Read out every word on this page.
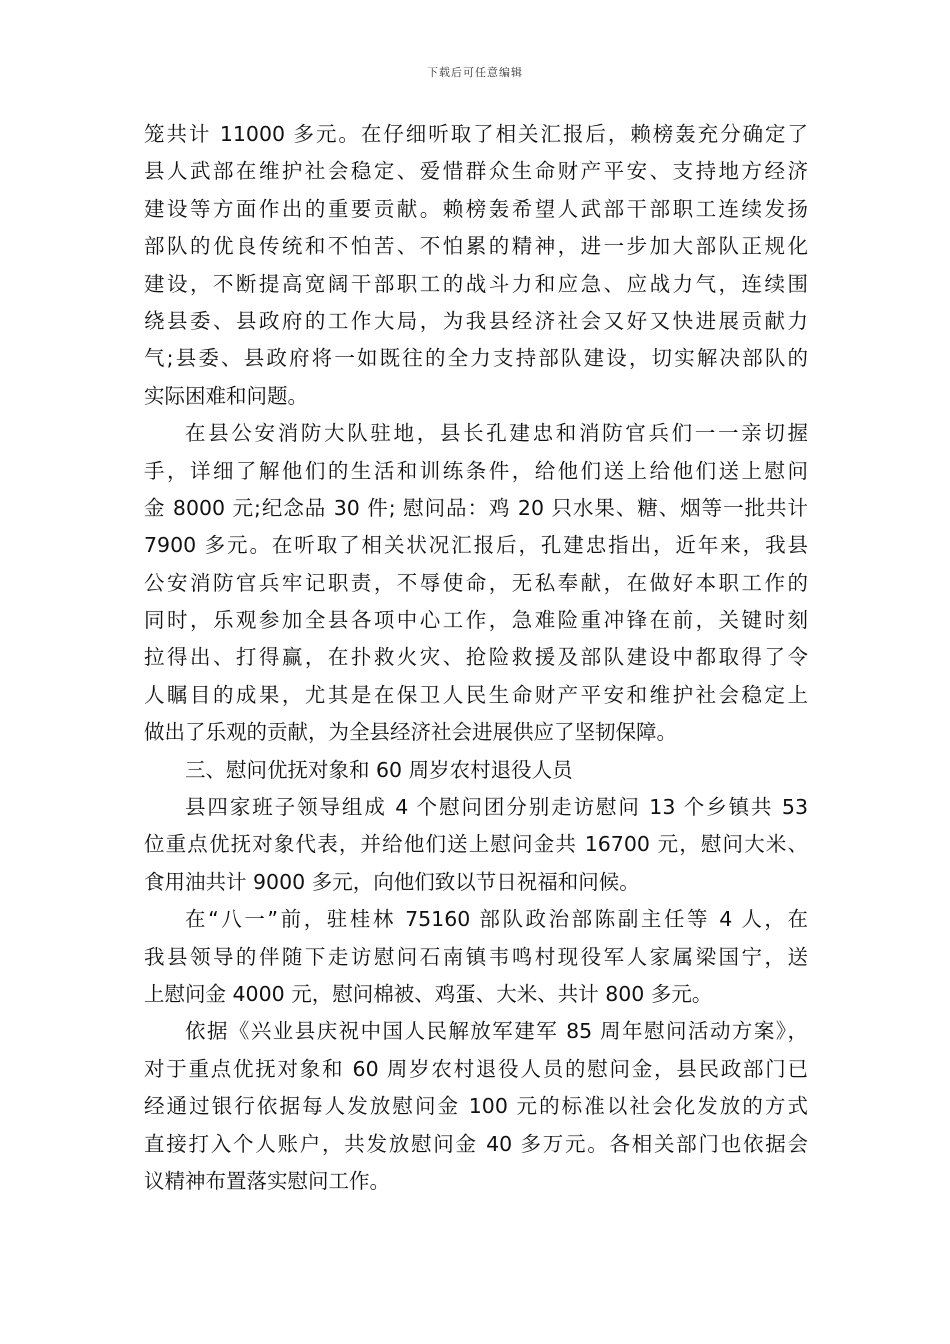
下载后可任意编辑
笼共计 11000 多元。在仔细听取了相关汇报后，赖榜轰充分确定了
县人武部在维护社会稳定、爱惜群众生命财产平安、支持地方经济
建设等方面作出的重要贡献。赖榜轰希望人武部干部职工连续发扬
部队的优良传统和不怕苦、不怕累的精神，进一步加大部队正规化
建设，不断提高宽阔干部职工的战斗力和应急、应战力气，连续围
绕县委、县政府的工作大局，为我县经济社会又好又快进展贡献力
气;县委、县政府将一如既往的全力支持部队建设，切实解决部队的
实际困难和问题。
在县公安消防大队驻地，县长孔建忠和消防官兵们一一亲切握
手，详细了解他们的生活和训练条件，给他们送上给他们送上慰问
金 8000 元;纪念品 30 件; 慰问品：鸡 20 只水果、糖、烟等一批共计
7900 多元。在听取了相关状况汇报后，孔建忠指出，近年来，我县
公安消防官兵牢记职责，不辱使命，无私奉献，在做好本职工作的
同时，乐观参加全县各项中心工作，急难险重冲锋在前，关键时刻
拉得出、打得赢，在扑救火灾、抢险救援及部队建设中都取得了令
人瞩目的成果，尤其是在保卫人民生命财产平安和维护社会稳定上
做出了乐观的贡献，为全县经济社会进展供应了坚韧保障。
三、慰问优抚对象和 60 周岁农村退役人员
县四家班子领导组成 4 个慰问团分别走访慰问 13 个乡镇共 53
位重点优抚对象代表，并给他们送上慰问金共 16700 元，慰问大米、
食用油共计 9000 多元，向他们致以节日祝福和问候。
在“八一”前，驻桂林 75160 部队政治部陈副主任等 4 人，在
我县领导的伴随下走访慰问石南镇韦鸣村现役军人家属梁国宁，送
上慰问金 4000 元，慰问棉被、鸡蛋、大米、共计 800 多元。
依据《兴业县庆祝中国人民解放军建军 85 周年慰问活动方案》，
对于重点优抚对象和 60 周岁农村退役人员的慰问金，县民政部门已
经通过银行依据每人发放慰问金 100 元的标准以社会化发放的方式
直接打入个人账户，共发放慰问金 40 多万元。各相关部门也依据会
议精神布置落实慰问工作。
